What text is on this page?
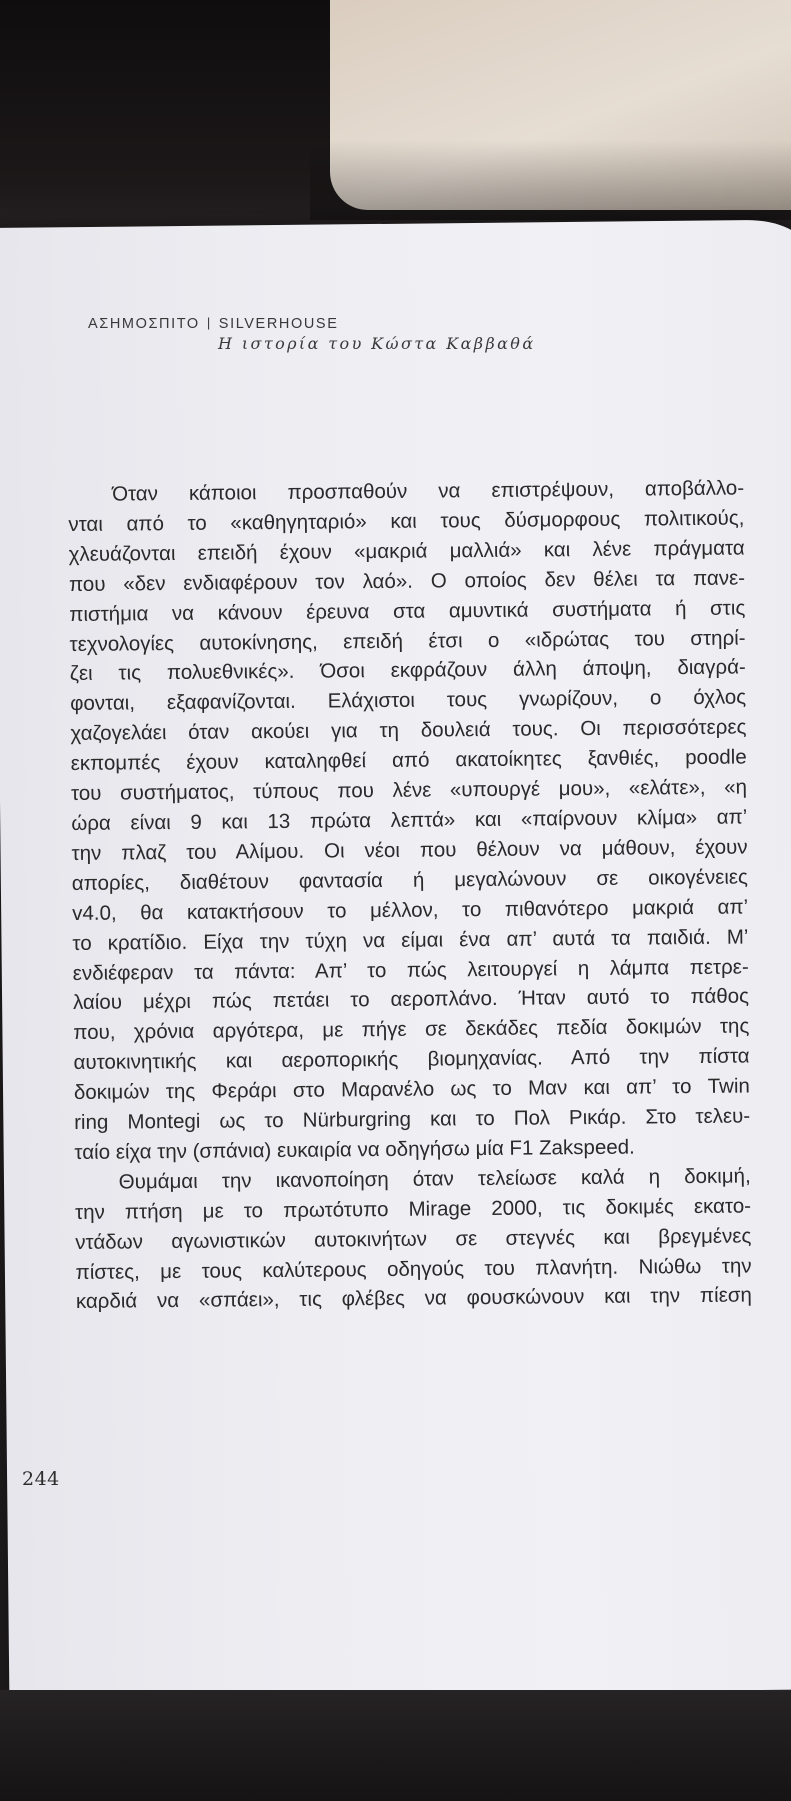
ΑΣΗΜΟΣΠΙΤΟ | SILVERHOUSE
Η ιστορία του Κώστα Καββαθά
Όταν κάποιοι προσπαθούν να επιστρέψουν, αποβάλλο-
νται από το «καθηγηταριό» και τους δύσμορφους πολιτικούς,
χλευάζονται επειδή έχουν «μακριά μαλλιά» και λένε πράγματα
που «δεν ενδιαφέρουν τον λαό». Ο οποίος δεν θέλει τα πανε-
πιστήμια να κάνουν έρευνα στα αμυντικά συστήματα ή στις
τεχνολογίες αυτοκίνησης, επειδή έτσι ο «ιδρώτας του στηρί-
ζει τις πολυεθνικές». Όσοι εκφράζουν άλλη άποψη, διαγρά-
φονται, εξαφανίζονται. Ελάχιστοι τους γνωρίζουν, ο όχλος
χαζογελάει όταν ακούει για τη δουλειά τους. Οι περισσότερες
εκπομπές έχουν καταληφθεί από ακατοίκητες ξανθιές, poodle
του συστήματος, τύπους που λένε «υπουργέ μου», «ελάτε», «η
ώρα είναι 9 και 13 πρώτα λεπτά» και «παίρνουν κλίμα» απ’
την πλαζ του Αλίμου. Οι νέοι που θέλουν να μάθουν, έχουν
απορίες, διαθέτουν φαντασία ή μεγαλώνουν σε οικογένειες
v4.0, θα κατακτήσουν το μέλλον, το πιθανότερο μακριά απ’
το κρατίδιο. Είχα την τύχη να είμαι ένα απ’ αυτά τα παιδιά. Μ’
ενδιέφεραν τα πάντα: Απ’ το πώς λειτουργεί η λάμπα πετρε-
λαίου μέχρι πώς πετάει το αεροπλάνο. Ήταν αυτό το πάθος
που, χρόνια αργότερα, με πήγε σε δεκάδες πεδία δοκιμών της
αυτοκινητικής και αεροπορικής βιομηχανίας. Από την πίστα
δοκιμών της Φεράρι στο Μαρανέλο ως το Μαν και απ’ το Twin
ring Montegi ως το Nürburgring και το Πολ Ρικάρ. Στο τελευ-
ταίο είχα την (σπάνια) ευκαιρία να οδηγήσω μία F1 Zakspeed.
Θυμάμαι την ικανοποίηση όταν τελείωσε καλά η δοκιμή,
την πτήση με το πρωτότυπο Mirage 2000, τις δοκιμές εκατο-
ντάδων αγωνιστικών αυτοκινήτων σε στεγνές και βρεγμένες
πίστες, με τους καλύτερους οδηγούς του πλανήτη. Νιώθω την
καρδιά να «σπάει», τις φλέβες να φουσκώνουν και την πίεση
244
